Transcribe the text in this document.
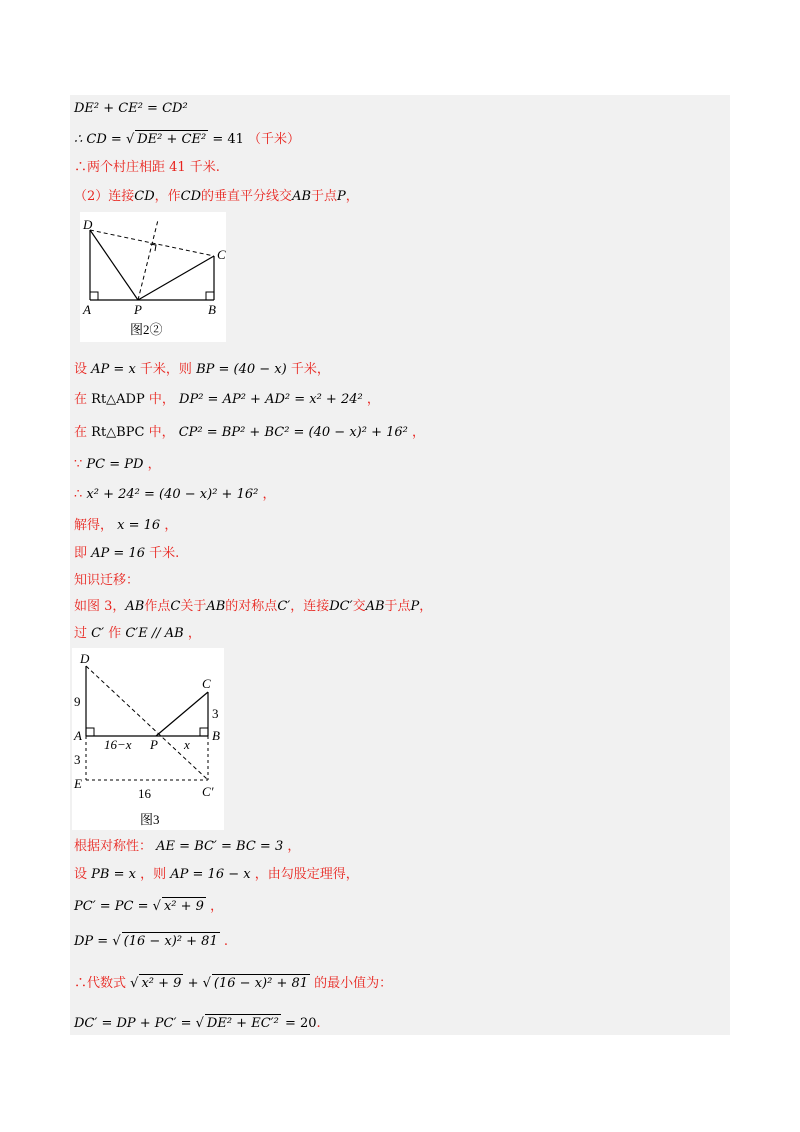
DE² + CE² = CD²
∴ CD = √ DE² + CE² = 41 （千米）
∴两个村庄相距 41 千米.
（2）连接CD，作CD的垂直平分线交AB于点P，
D
C
A	P	B
图2②
设 AP = x 千米，则 BP = (40 − x) 千米，
在 Rt△ADP 中， DP² = AP² + AD² = x² + 24² ，
在 Rt△BPC 中， CP² = BP² + BC² = (40 − x)² + 16² ，
∵ PC = PD ，
∴ x² + 24² = (40 − x)² + 16² ，
解得， x = 16 ，
即 AP = 16 千米.
知识迁移：
如图 3，AB作点C关于AB的对称点C′，连接DC′交AB于点P，
过 C′ 作 C′E // AB ，
D
C
A
P
B
E
C′
9
3
3
16−x	x
16
图3
根据对称性： AE = BC′ = BC = 3 ，
设 PB = x ，则 AP = 16 − x ，由勾股定理得，
PC′ = PC = √ x² + 9 ，
DP = √ (16 − x)² + 81 .
∴代数式 √ x² + 9 + √ (16 − x)² + 81 的最小值为：
DC′ = DP + PC′ = √ DE² + EC′² = 20.
